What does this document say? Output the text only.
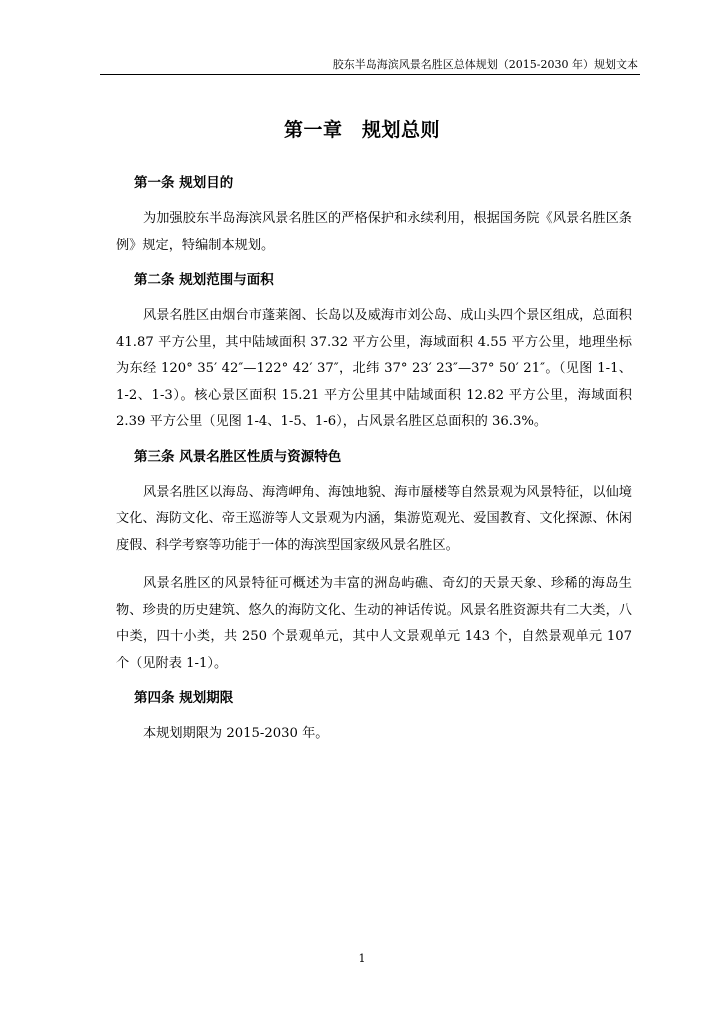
胶东半岛海滨风景名胜区总体规划（2015-2030 年）规划文本
第一章　规划总则
第一条 规划目的

为加强胶东半岛海滨风景名胜区的严格保护和永续利用，根据国务院《风景名胜区条例》规定，特编制本规划。

第二条 规划范围与面积

风景名胜区由烟台市蓬莱阁、长岛以及威海市刘公岛、成山头四个景区组成，总面积 41.87 平方公里，其中陆域面积 37.32 平方公里，海域面积 4.55 平方公里，地理坐标为东经 120° 35′ 42″—122° 42′ 37″，北纬 37° 23′ 23″—37° 50′ 21″。（见图 1-1、1-2、1-3）。核心景区面积 15.21 平方公里其中陆域面积 12.82 平方公里，海域面积 2.39 平方公里（见图 1-4、1-5、1-6），占风景名胜区总面积的 36.3%。

第三条 风景名胜区性质与资源特色

风景名胜区以海岛、海湾岬角、海蚀地貌、海市蜃楼等自然景观为风景特征，以仙境文化、海防文化、帝王巡游等人文景观为内涵，集游览观光、爱国教育、文化探源、休闲度假、科学考察等功能于一体的海滨型国家级风景名胜区。

风景名胜区的风景特征可概述为丰富的洲岛屿礁、奇幻的天景天象、珍稀的海岛生物、珍贵的历史建筑、悠久的海防文化、生动的神话传说。风景名胜资源共有二大类，八中类，四十小类，共 250 个景观单元，其中人文景观单元 143 个，自然景观单元 107 个（见附表 1-1）。

第四条 规划期限

本规划期限为 2015-2030 年。

1
